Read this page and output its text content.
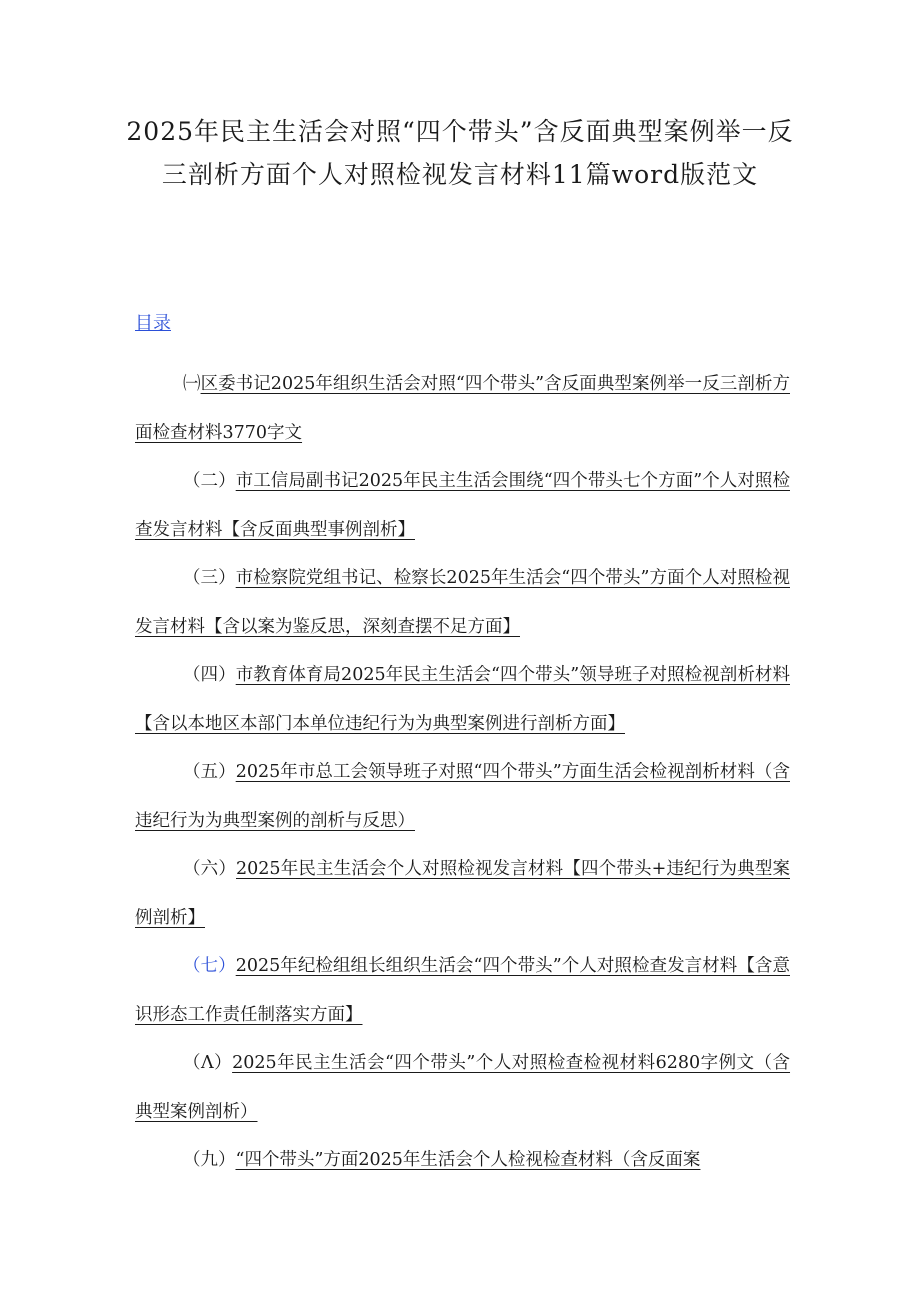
2025年民主生活会对照“四个带头”含反面典型案例举一反三剖析方面个人对照检视发言材料11篇word版范文
目录
㈠区委书记2025年组织生活会对照“四个带头”含反面典型案例举一反三剖析方面检查材料3770字文
（二）市工信局副书记2025年民主生活会围绕“四个带头七个方面”个人对照检查发言材料【含反面典型事例剖析】
（三）市检察院党组书记、检察长2025年生活会“四个带头”方面个人对照检视发言材料【含以案为鉴反思，深刻查摆不足方面】
（四）市教育体育局2025年民主生活会“四个带头”领导班子对照检视剖析材料【含以本地区本部门本单位违纪行为为典型案例进行剖析方面】
（五）2025年市总工会领导班子对照“四个带头”方面生活会检视剖析材料（含违纪行为为典型案例的剖析与反思）
（六）2025年民主生活会个人对照检视发言材料【四个带头+违纪行为典型案例剖析】
（七）2025年纪检组组长组织生活会“四个带头”个人对照检查发言材料【含意识形态工作责任制落实方面】
（Λ）2025年民主生活会“四个带头”个人对照检查检视材料6280字例文（含典型案例剖析）
（九）“四个带头”方面2025年生活会个人检视检查材料（含反面案
